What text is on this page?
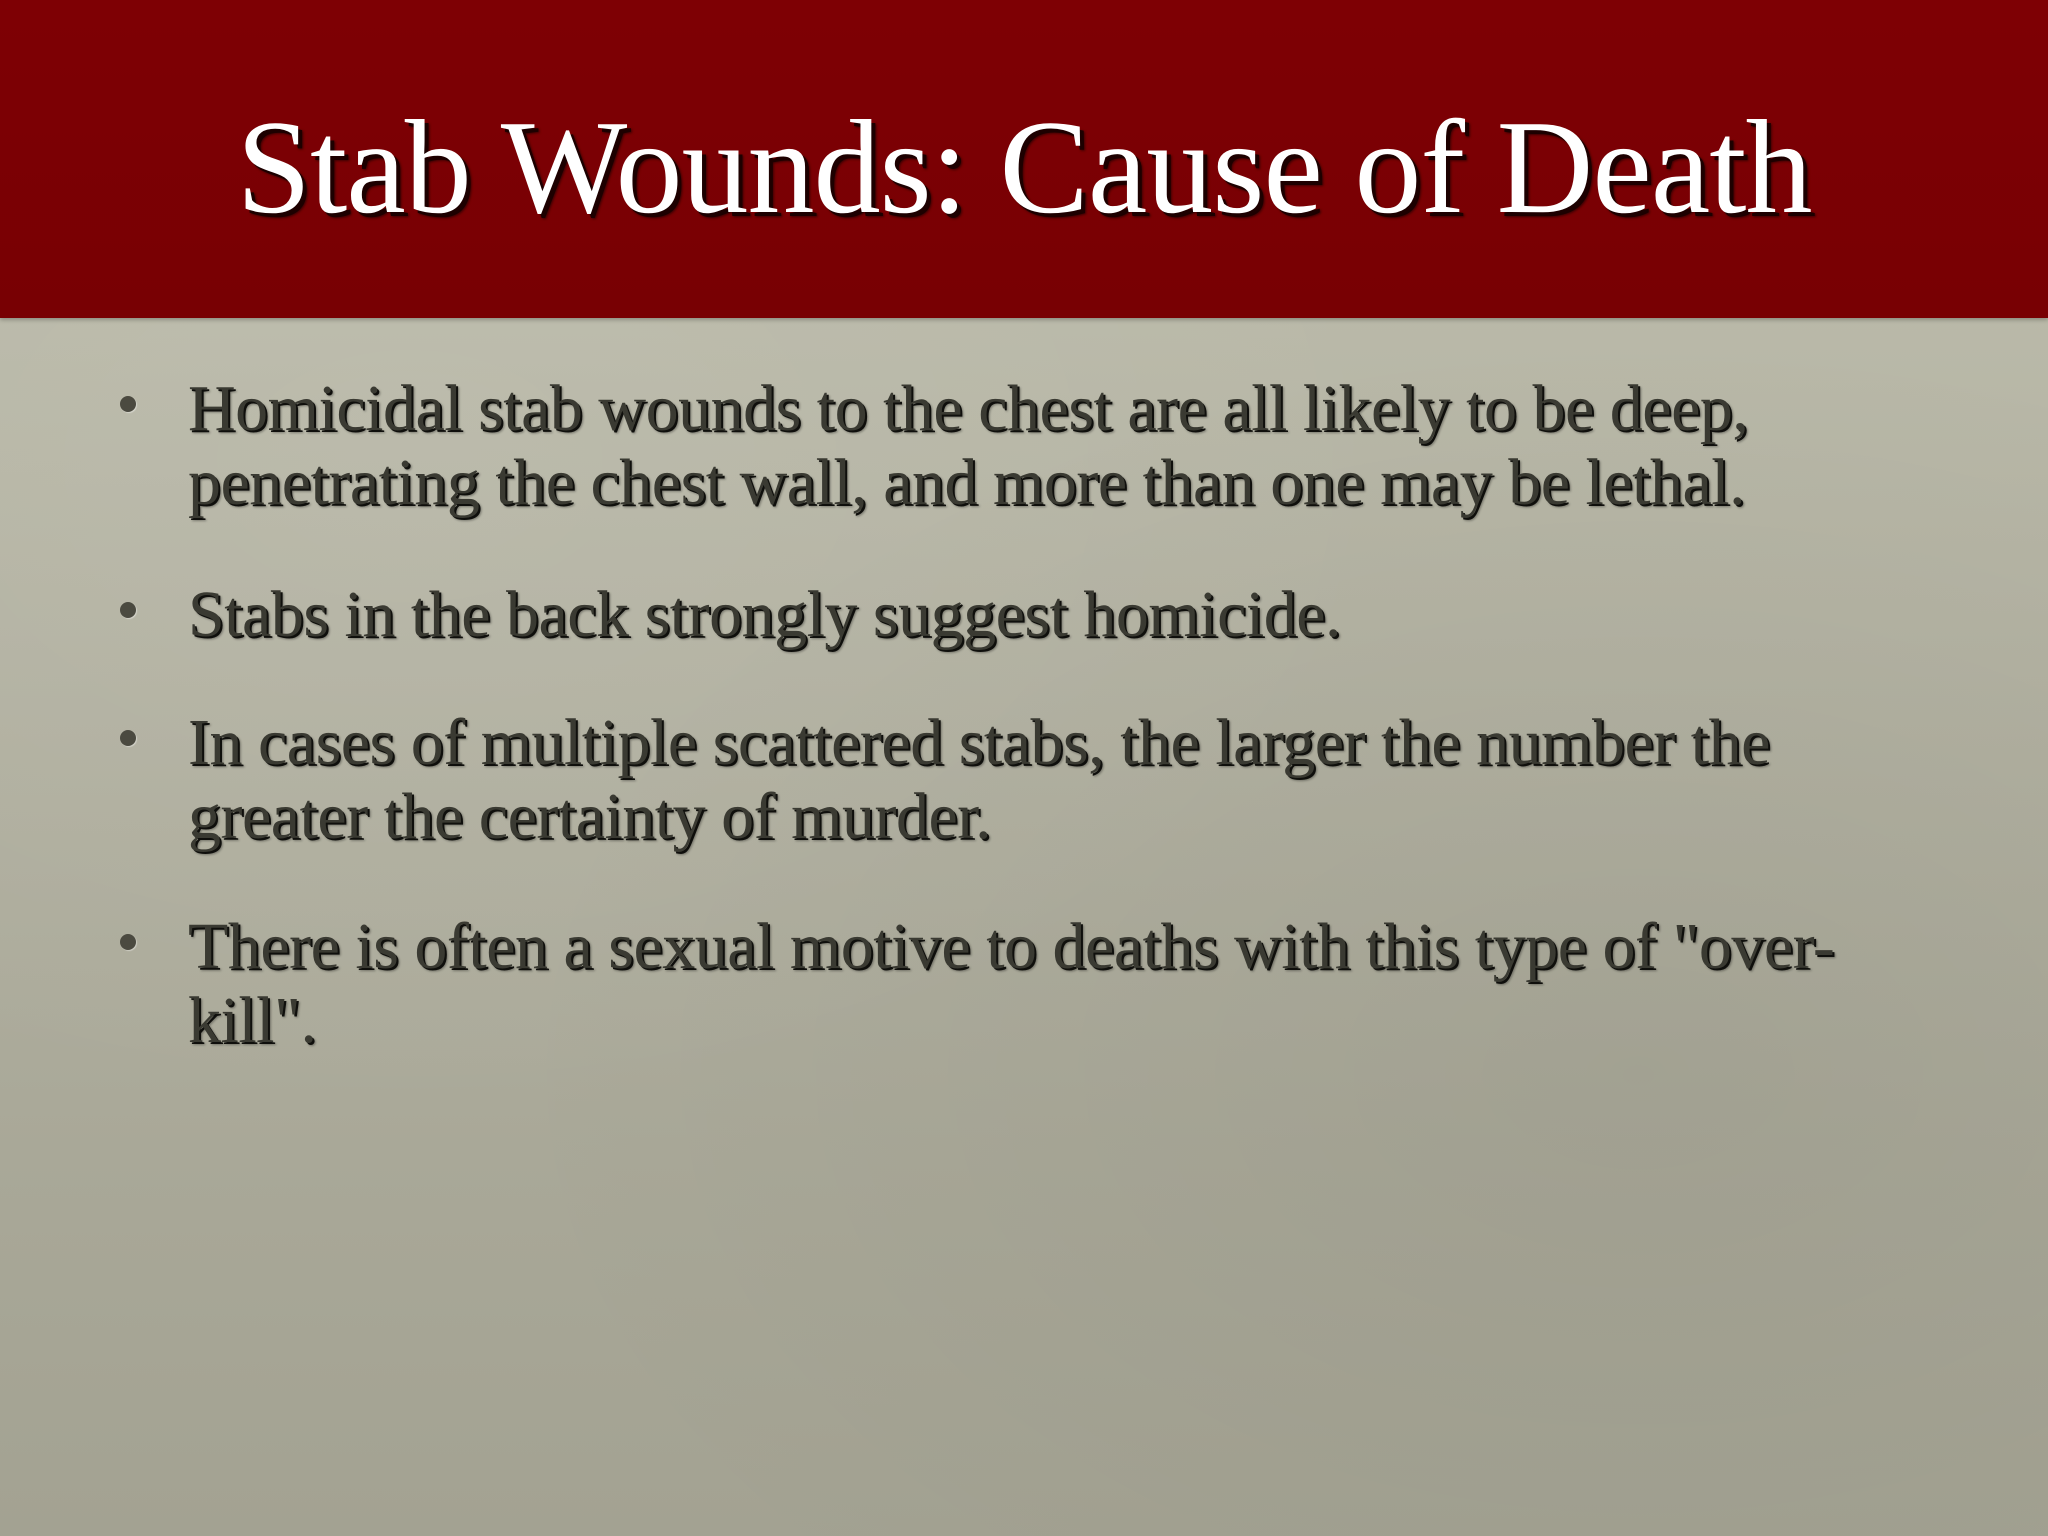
Stab Wounds: Cause of Death
Homicidal stab wounds to the chest are all likely to be deep, penetrating the chest wall, and more than one may be lethal.
Stabs in the back strongly suggest homicide.
In cases of multiple scattered stabs, the larger the number the greater the certainty of murder.
There is often a sexual motive to deaths with this type of "over-kill".
